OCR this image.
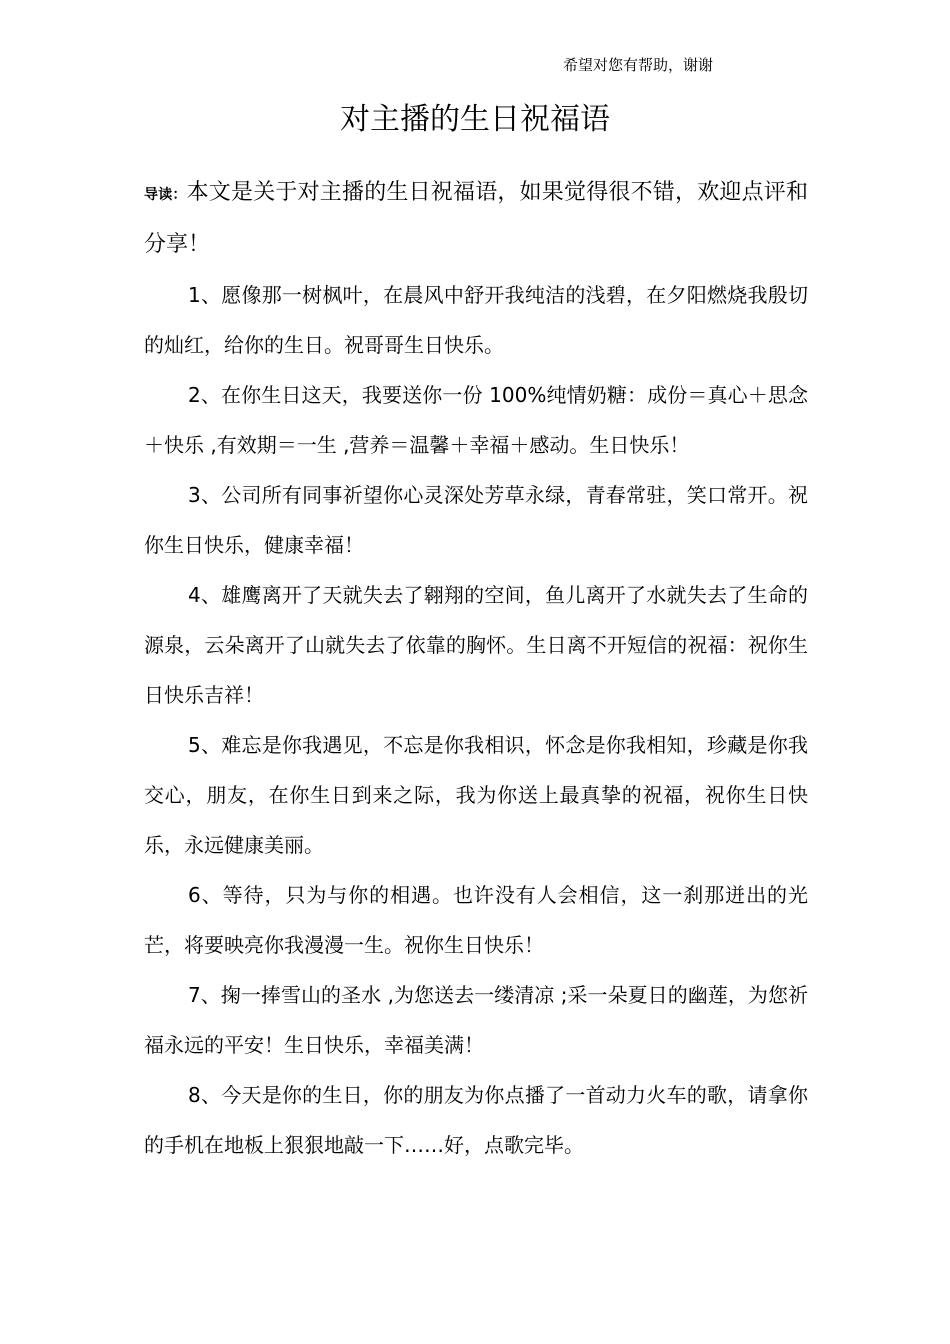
希望对您有帮助，谢谢
对主播的生日祝福语

导读：本文是关于对主播的生日祝福语，如果觉得很不错，欢迎点评和分享！

1、愿像那一树枫叶，在晨风中舒开我纯洁的浅碧，在夕阳燃烧我殷切的灿红，给你的生日。祝哥哥生日快乐。

2、在你生日这天，我要送你一份 100%纯情奶糖：成份＝真心＋思念＋快乐 ,有效期＝一生 ,营养＝温馨＋幸福＋感动。生日快乐！

3、公司所有同事祈望你心灵深处芳草永绿，青春常驻，笑口常开。祝你生日快乐，健康幸福！

4、雄鹰离开了天就失去了翱翔的空间，鱼儿离开了水就失去了生命的源泉，云朵离开了山就失去了依靠的胸怀。生日离不开短信的祝福：祝你生日快乐吉祥！

5、难忘是你我遇见，不忘是你我相识，怀念是你我相知，珍藏是你我交心，朋友，在你生日到来之际，我为你送上最真挚的祝福，祝你生日快乐，永远健康美丽。

6、等待，只为与你的相遇。也许没有人会相信，这一刹那迸出的光芒，将要映亮你我漫漫一生。祝你生日快乐！

7、掬一捧雪山的圣水 ,为您送去一缕清凉 ;采一朵夏日的幽莲，为您祈福永远的平安！生日快乐，幸福美满！

8、今天是你的生日，你的朋友为你点播了一首动力火车的歌，请拿你的手机在地板上狠狠地敲一下……好，点歌完毕。
